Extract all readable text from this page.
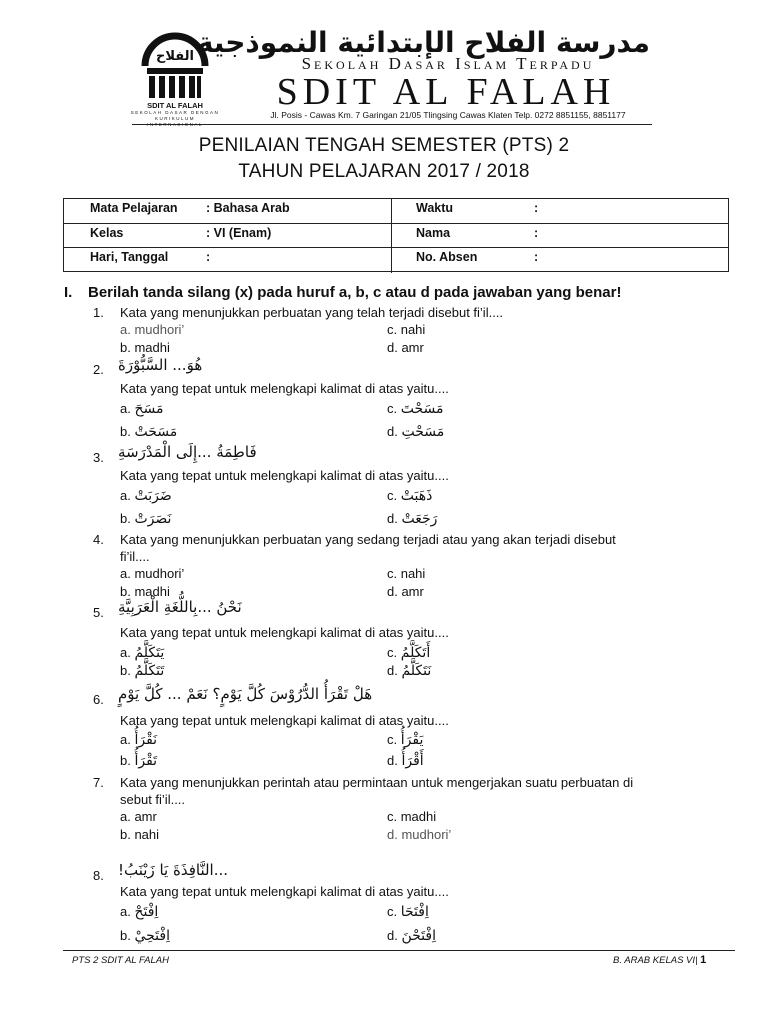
الفلاح
SDIT AL FALAH
SEKOLAH DASAR DENGAN KURIKULUM INTERNASIONAL
مدرسة الفلاح الإبتدائية النموذجية
Sekolah Dasar Islam Terpadu
SDIT AL FALAH
Jl. Posis - Cawas Km. 7 Garingan 21/05 Tlingsing Cawas Klaten Telp. 0272 8851155, 8851177
PENILAIAN TENGAH SEMESTER (PTS) 2
TAHUN PELAJARAN 2017 / 2018
Mata Pelajaran : Bahasa Arab	Waktu	:
Kelas	: VI (Enam)	Nama	:
Hari, Tanggal	:	No. Absen	:
I. Berilah tanda silang (x) pada huruf a, b, c atau d pada jawaban yang benar!
1. Kata yang menunjukkan perbuatan yang telah terjadi disebut fi’il....
a. mudhori’	c. nahi
b. madhi	d. amr
2. هُوَ... السَّبُّوْرَةَ
Kata yang tepat untuk melengkapi kalimat di atas yaitu....
a. مَسَحَ	c. مَسَحْتَ
b. مَسَحَتْ	d. مَسَحْتِ
3. فَاطِمَةُ ...إِلَى الْمَدْرَسَةِ
Kata yang tepat untuk melengkapi kalimat di atas yaitu....
a. ضَرَبَتْ	c. ذَهَبَتْ
b. نَصَرَتْ	d. رَجَعَتْ
4. Kata yang menunjukkan perbuatan yang sedang terjadi atau yang akan terjadi disebut
fi’il....
a. mudhori’	c. nahi
b. madhi	d. amr
5. نَحْنُ ...بِاللُّغَةِ الْعَرَبِيَّةِ
Kata yang tepat untuk melengkapi kalimat di atas yaitu....
a. يَتَكَلَّمُ	c. أَتَكَلَّمُ
b. تَتَكَلَّمُ	d. نَتَكَلَّمُ
6. هَلْ تَقْرَأُ الدُّرُوْسَ كُلَّ يَوْمٍ؟ نَعَمْ ... كُلَّ يَوْمٍ
Kata yang tepat untuk melengkapi kalimat di atas yaitu....
a. نَقْرَأُ	c. يَقْرَأُ
b. تَقْرَأُ	d. أَقْرَأُ
7. Kata yang menunjukkan perintah atau permintaan untuk mengerjakan suatu perbuatan di
sebut fi’il....
a. amr	c. madhi
b. nahi	d. mudhori’
8. ...النَّافِذَةَ يَا زَيْنَبُ!
Kata yang tepat untuk melengkapi kalimat di atas yaitu....
a. اِفْتَحْ	c. اِفْتَحَا
b. اِفْتَحِيْ	d. اِفْتَحْنَ
PTS 2 SDIT AL FALAH	B. ARAB KELAS VI| 1
